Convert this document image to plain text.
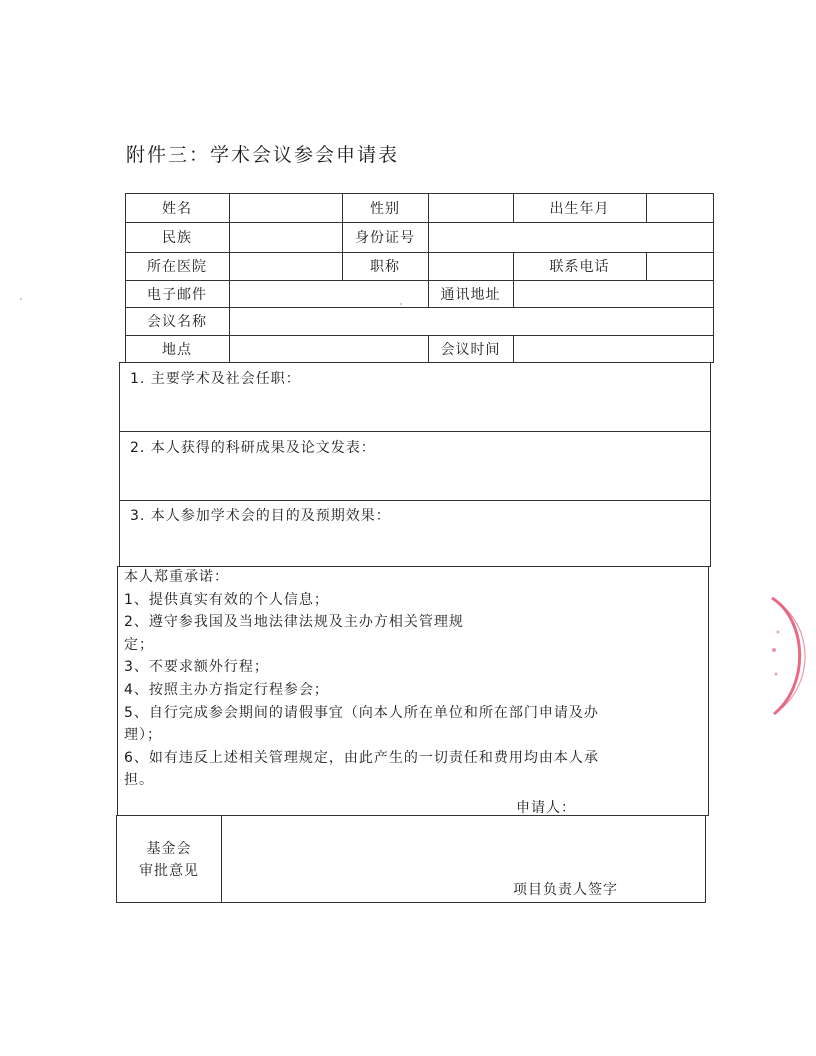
附件三：学术会议参会申请表
姓名	性别	出生年月
民族	身份证号
所在医院	职称	联系电话
电子邮件	通讯地址
会议名称
地点	会议时间
1. 主要学术及社会任职：
2. 本人获得的科研成果及论文发表：
3. 本人参加学术会的目的及预期效果：
本人郑重承诺：
1、提供真实有效的个人信息；
2、遵守参我国及当地法律法规及主办方相关管理规
定；
3、不要求额外行程；
4、按照主办方指定行程参会；
5、自行完成参会期间的请假事宜（向本人所在单位和所在部门申请及办
理）；
6、如有违反上述相关管理规定，由此产生的一切责任和费用均由本人承
担。
申请人：
基金会
审批意见
项目负责人签字
